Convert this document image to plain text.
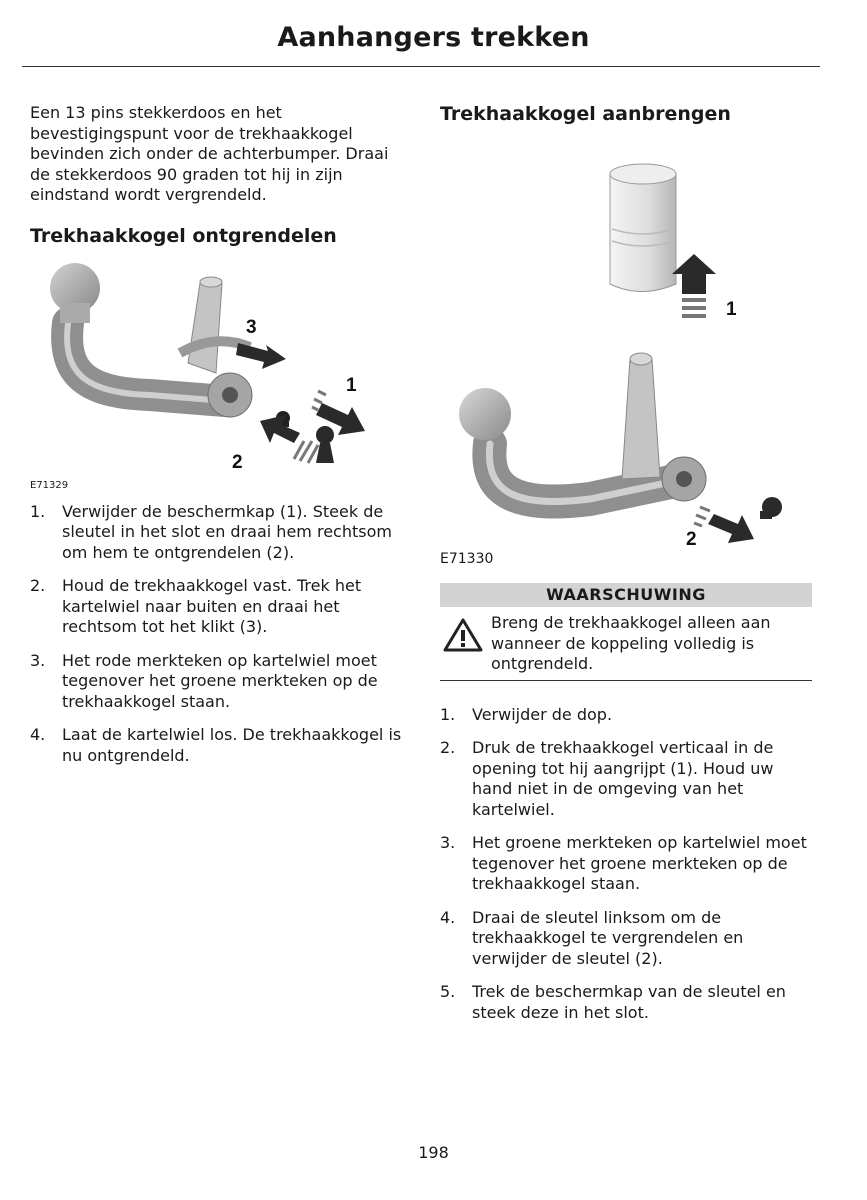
Aanhangers trekken

Een 13 pins stekkerdoos en het bevestigingspunt voor de trekhaakkogel bevinden zich onder de achterbumper. Draai de stekkerdoos 90 graden tot hij in zijn eindstand wordt vergrendeld.

Trekhaakkogel ontgrendelen
3
1
2

E71329

1. Verwijder de beschermkap (1). Steek de sleutel in het slot en draai hem rechtsom om hem te ontgrendelen (2).
2. Houd de trekhaakkogel vast. Trek het kartelwiel naar buiten en draai het rechtsom tot het klikt (3).
3. Het rode merkteken op kartelwiel moet tegenover het groene merkteken op de trekhaakkogel staan.
4. Laat de kartelwiel los. De trekhaakkogel is nu ontgrendeld.
Trekhaakkogel aanbrengen
1
2

E71330

WAARSCHUWING
Breng de trekhaakkogel alleen aan wanneer de koppeling volledig is ontgrendeld.
1. Verwijder de dop.
2. Druk de trekhaakkogel verticaal in de opening tot hij aangrijpt (1). Houd uw hand niet in de omgeving van het kartelwiel.
3. Het groene merkteken op kartelwiel moet tegenover het groene merkteken op de trekhaakkogel staan.
4. Draai de sleutel linksom om de trekhaakkogel te vergrendelen en verwijder de sleutel (2).
5. Trek de beschermkap van de sleutel en steek deze in het slot.
198
